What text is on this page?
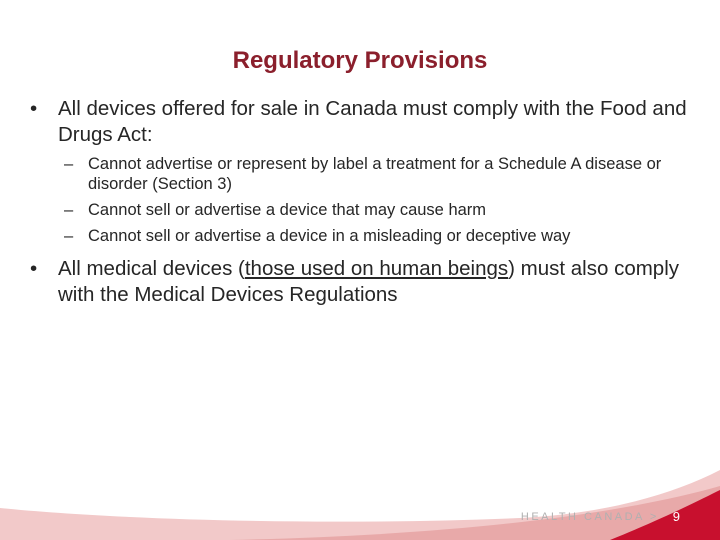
Regulatory Provisions

• All devices offered for sale in Canada must comply with the Food and Drugs Act:

– Cannot advertise or represent by label a treatment for a Schedule A disease or disorder (Section 3)
– Cannot sell or advertise a device that may cause harm
– Cannot sell or advertise a device in a misleading or deceptive way

• All medical devices (those used on human beings) must also comply with the Medical Devices Regulations

HEALTH CANADA > 9
